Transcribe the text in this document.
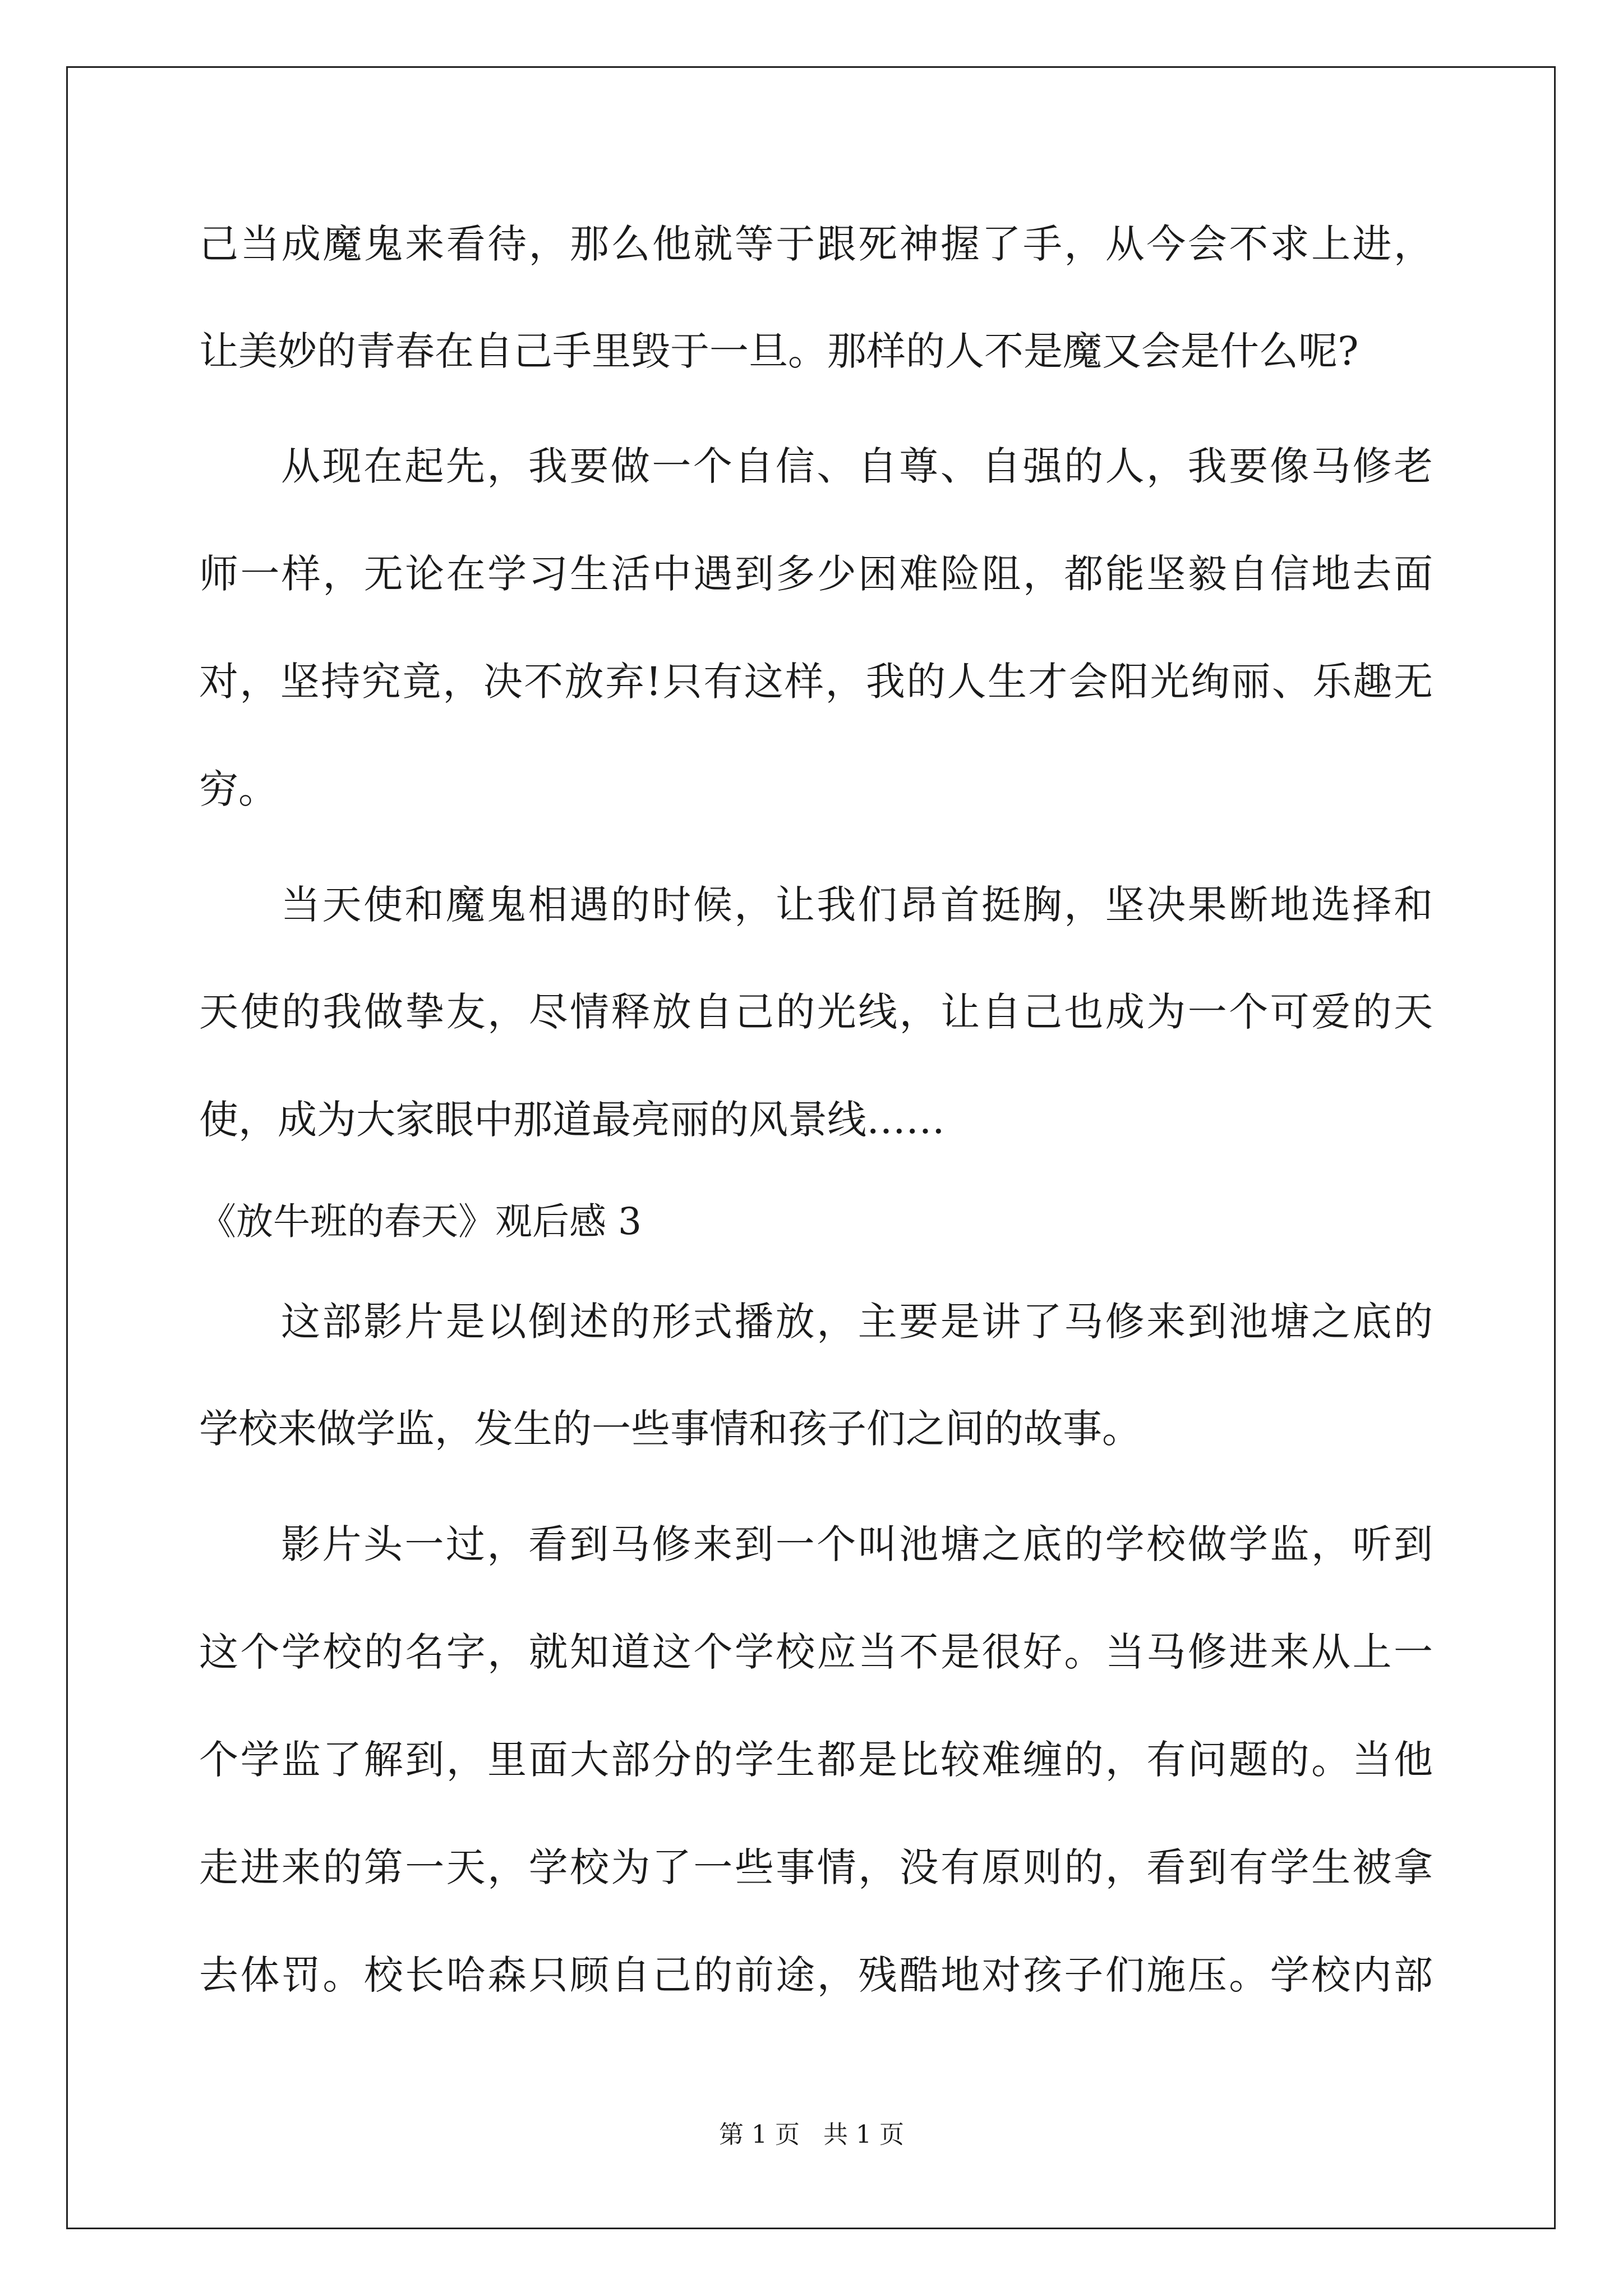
己当成魔鬼来看待，那么他就等于跟死神握了手，从今会不求上进，
让美妙的青春在自己手里毁于一旦。那样的人不是魔又会是什么呢?
从现在起先，我要做一个自信、自尊、自强的人，我要像马修老
师一样，无论在学习生活中遇到多少困难险阻，都能坚毅自信地去面
对，坚持究竟，决不放弃!只有这样，我的人生才会阳光绚丽、乐趣无
穷。
当天使和魔鬼相遇的时候，让我们昂首挺胸，坚决果断地选择和
天使的我做挚友，尽情释放自己的光线，让自己也成为一个可爱的天
使，成为大家眼中那道最亮丽的风景线……
《放牛班的春天》观后感 3
这部影片是以倒述的形式播放，主要是讲了马修来到池塘之底的
学校来做学监，发生的一些事情和孩子们之间的故事。
影片头一过，看到马修来到一个叫池塘之底的学校做学监，听到
这个学校的名字，就知道这个学校应当不是很好。当马修进来从上一
个学监了解到，里面大部分的学生都是比较难缠的，有问题的。当他
走进来的第一天，学校为了一些事情，没有原则的，看到有学生被拿
去体罚。校长哈森只顾自己的前途，残酷地对孩子们施压。学校内部
第 1 页 共 1 页
